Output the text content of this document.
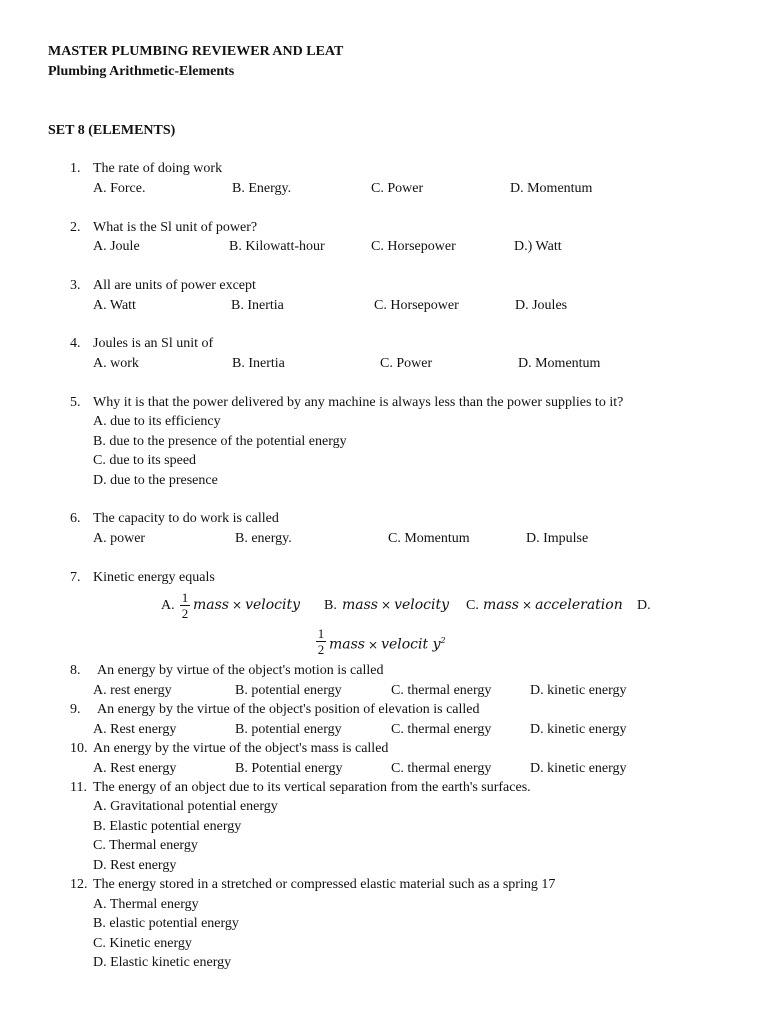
MASTER PLUMBING REVIEWER AND LEAT
Plumbing Arithmetic-Elements
SET 8 (ELEMENTS)
1. The rate of doing work
A. Force.	B. Energy.	C. Power	D. Momentum
2. What is the Sl unit of power?
A. Joule	B. Kilowatt-hour	C. Horsepower	D.) Watt
3. All are units of power except
A. Watt	B. Inertia	C. Horsepower	D. Joules
4. Joules is an Sl unit of
A. work	B. Inertia	C. Power	D. Momentum
5. Why it is that the power delivered by any machine is always less than the power supplies to it?
A. due to its efficiency
B. due to the presence of the potential energy
C. due to its speed
D. due to the presence
6. The capacity to do work is called
A. power	B. energy.	C. Momentum	D. Impulse
7. Kinetic energy equals
A. $\frac{1}{2}$ mass × velocity B. mass × velocity C. mass × acceleration D.
$\frac{1}{2}$ mass × velocit $y^2$
8. An energy by virtue of the object's motion is called
A. rest energy	B. potential energy	C. thermal energy	D. kinetic energy
9. An energy by the virtue of the object's position of elevation is called
A. Rest energy	B. potential energy	C. thermal energy	D. kinetic energy
10. An energy by the virtue of the object's mass is called
A. Rest energy	B. Potential energy	C. thermal energy	D. kinetic energy
11. The energy of an object due to its vertical separation from the earth's surfaces.
A. Gravitational potential energy
B. Elastic potential energy
C. Thermal energy
D. Rest energy
12. The energy stored in a stretched or compressed elastic material such as a spring 17
A. Thermal energy
B. elastic potential energy
C. Kinetic energy
D. Elastic kinetic energy
